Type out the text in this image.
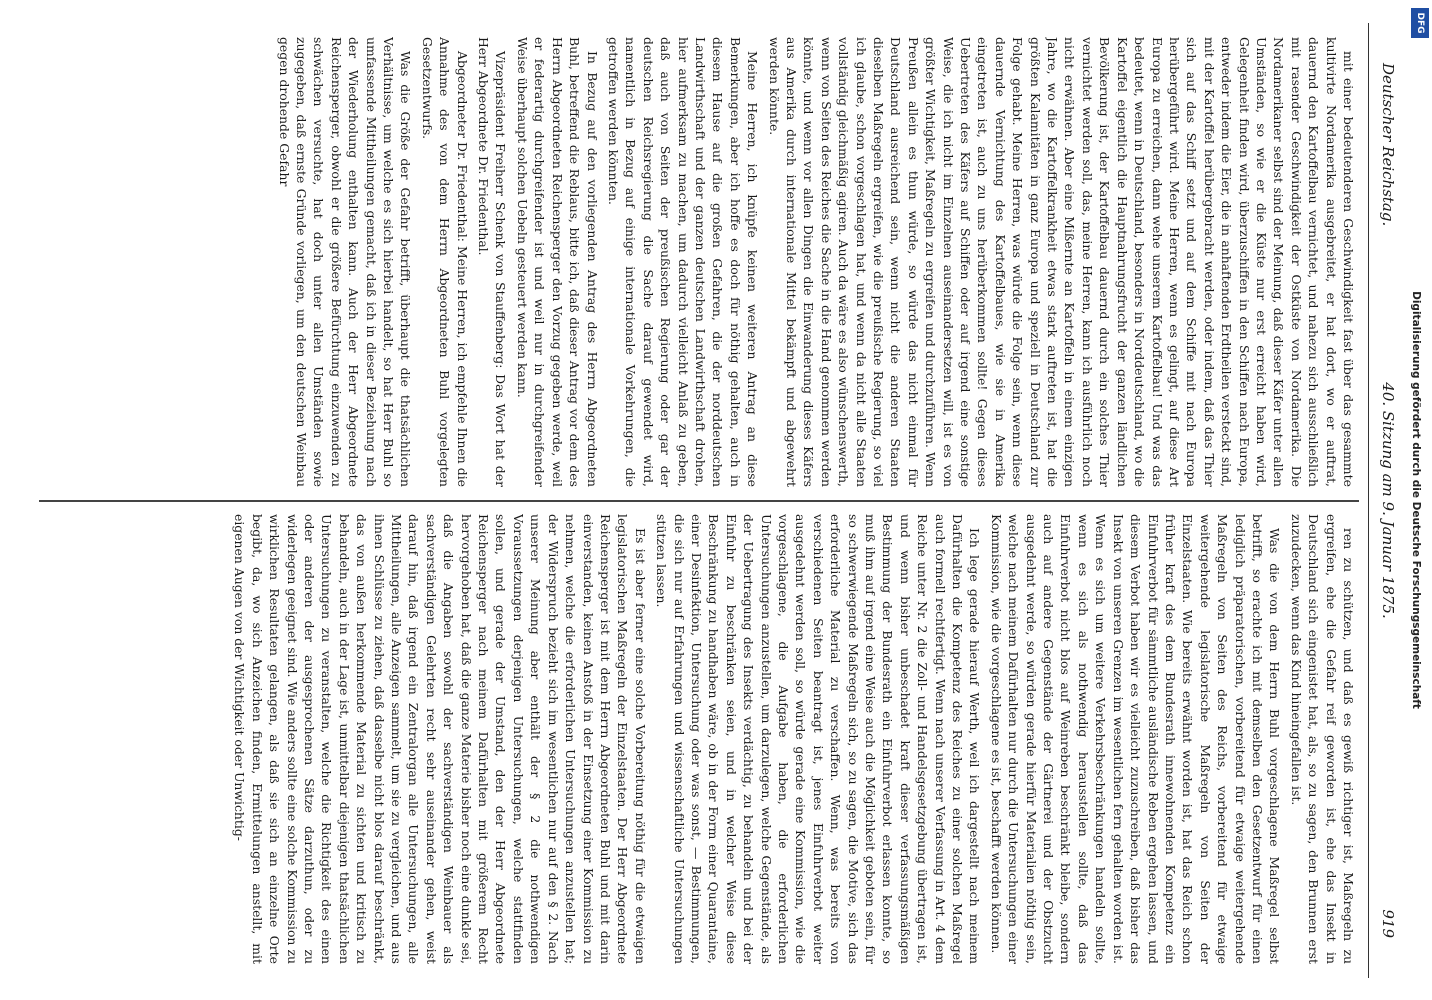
Deutscher Reichstag.
40. Sitzung am 9. Januar 1875.
919

mit einer bedeutenderen Geschwindigkeit fast über das gesammte kultivirte Nordamerika ausgebreitet, er hat dort, wo er auftrat, dauernd den Kartoffelbau vernichtet, und nahezu sich ausschließlich mit rasender Geschwindigkeit der Ostküste von Nordamerika. Die Nordamerikaner selbst sind der Meinung, daß dieser Käfer unter allen Umständen, so wie er die Küste nur erst erreicht haben wird, Gelegenheit finden wird, überzuschiffen in den Schiffen nach Europa, entweder indem die Eier, die in anhaftenden Erdtheilen versteckt sind, mit der Kartoffel herübergebracht werden, oder indem, daß das Thier sich auf das Schiff setzt und auf dem Schiffe mit nach Europa herübergeführt wird. Meine Herren, wenn es gelingt, auf diese Art Europa zu erreichen, dann wehe unserem Kartoffelbau! Und was das bedeutet, wenn in Deutschland, besonders in Norddeutschland, wo die Kartoffel eigentlich die Hauptnahrungsfrucht der ganzen ländlichen Bevölkerung ist, der Kartoffelbau dauernd durch ein solches Thier vernichtet werden soll, das, meine Herren, kann ich ausführlich noch nicht erwähnen. Aber eine Mißernte an Kartoffeln in einem einzigen Jahre, wo die Kartoffelkrankheit etwas stark auftreten ist, hat die größten Kalamitäten in ganz Europa und speziell in Deutschland zur Folge gehabt. Meine Herren, was würde die Folge sein, wenn diese dauernde Vernichtung des Kartoffelbaues, wie sie in Amerika eingetreten ist, auch zu uns herüberkommen sollte! Gegen dieses Uebertreten des Käfers auf Schiffen oder auf irgend eine sonstige Weise, die ich nicht im Einzelnen auseinandersetzen will, ist es von größter Wichtigkeit, Maßregeln zu ergreifen und durchzuführen. Wenn Preußen allein es thun würde, so würde das nicht einmal für Deutschland ausreichend sein, wenn nicht die anderen Staaten dieselben Maßregeln ergreifen, wie die preußische Regierung, so viel ich glaube, schon vorgeschlagen hat, und wenn da nicht alle Staaten vollständig gleichmäßig agiren. Auch da wäre es also wünschenswerth, wenn von Seiten des Reiches die Sache in die Hand genommen werden könnte, und wenn vor allen Dingen die Einwanderung dieses Käfers aus Amerika durch internationale Mittel bekämpft und abgewehrt werden könnte.

Meine Herren, ich knüpfe keinen weiteren Antrag an diese Bemerkungen, aber ich hoffe es doch für nöthig gehalten, auch in diesem Hause auf die großen Gefahren, die der norddeutschen Landwirthschaft und der ganzen deutschen Landwirthschaft drohen, hier aufmerksam zu machen, um dadurch vielleicht Anlaß zu geben, daß auch von Seiten der preußischen Regierung oder gar der deutschen Reichsregierung die Sache darauf gewendet wird, namentlich in Bezug auf einige internationale Vorkehrungen, die getroffen werden könnten.

In Bezug auf den vorliegenden Antrag des Herrn Abgeordneten Buhl, betreffend die Reblaus, bitte ich, daß dieser Antrag vor dem des Herrn Abgeordneten Reichensperger den Vorzug gegeben werde, weil er federartig durchgreifender ist und weil nur in durchgreifender Weise überhaupt solchen Uebeln gesteuert werden kann.

Vizepräsident Freiherr Schenk von Stauffenberg: Das Wort hat der Herr Abgeordnete Dr. Friedenthal.

Abgeordneter Dr. Friedenthal: Meine Herren, ich empfehle Ihnen die Annahme des von dem Herrn Abgeordneten Buhl vorgelegten Gesetzentwurfs.

Was die Größe der Gefahr betrifft, überhaupt die thatsächlichen Verhältnisse, um welche es sich hierbei handelt, so hat Herr Buhl so umfassende Mittheilungen gemacht, daß ich in dieser Beziehung nach der Wiederholung enthalten kann. Auch der Herr Abgeordnete Reichensperger, obwohl er die größere Befürchtung einzuwenden zu schwächen versuchte, hat doch unter allen Umständen sowie zugegeben, daß ernste Gründe vorliegen, um den deutschen Weinbau gegen drohende Gefahr

ren zu schützen, und daß es gewiß richtiger ist, Maßregeln zu ergreifen, ehe die Gefahr reif geworden ist, ehe das Insekt in Deutschland sich eingenistet hat, als, so zu sagen, den Brunnen erst zuzudecken, wenn das Kind hineingefallen ist.

Was die von dem Herrn Buhl vorgeschlagene Maßregel selbst betrifft, so erachte ich mit demselben den Gesetzentwurf für einen lediglich präparatorischen, vorbereitend für etwaige weitergehende Maßregeln von Seiten des Reichs, vorbereitend für etwaige weitergehende legislatorische Maßregeln von Seiten der Einzelstaaten. Wie bereits erwähnt worden ist, hat das Reich schon früher kraft des dem Bundesrath innewohnenden Kompetenz ein Einfuhrverbot für sämmtliche ausländische Reben ergehen lassen, und diesem Verbot haben wir es vielleicht zuzuschreiben, daß bisher das Insekt von unseren Grenzen im wesentlichen fern gehalten worden ist. Wenn es sich um weitere Verkehrsbeschränkungen handeln sollte, wenn es sich als nothwendig herausstellen sollte, daß das Einfuhrverbot nicht blos auf Weinreben beschränkt bleibe, sondern auch auf andere Gegenstände der Gärtnerei und der Obstzucht ausgedehnt werde, so würden gerade hierfür Materialien nöthig sein, welche nach meinem Dafürhalten nur durch die Untersuchungen einer Kommission, wie die vorgeschlagene es ist, beschafft werden können.

Ich lege gerade hierauf Werth, weil ich dargestellt nach meinem Dafürhalten die Kompetenz des Reiches zu einer solchen Maßregel auch formell rechtfertigt. Wenn nach unserer Verfassung in Art. 4 dem Reiche unter Nr. 2 die Zoll- und Handelsgesetzgebung übertragen ist, und wenn bisher unbeschadet kraft dieser verfassungsmäßigen Bestimmung der Bundesrath ein Einfuhrverbot erlassen konnte, so muß ihm auf irgend eine Weise auch die Möglichkeit geboten sein, für so schwerwiegende Maßregeln sich, so zu sagen, die Motive, sich das erforderliche Material zu verschaffen. Wenn, was bereits von verschiedenen Seiten beantragt ist, jenes Einfuhrverbot weiter ausgedehnt werden soll, so würde gerade eine Kommission, wie die vorgeschlagene, die Aufgabe haben, die erforderlichen Untersuchungen anzustellen, um darzulegen, welche Gegenstände, als der Uebertragung des Insekts verdächtig, zu behandeln und bei der Einfuhr zu beschränken seien, und in welcher Weise diese Beschränkung zu handhaben wäre, ob in der Form einer Quarantaine, einer Desinfektion, Untersuchung oder was sonst, — Bestimmungen, die sich nur auf Erfahrungen und wissenschaftliche Untersuchungen stützen lassen.

Es ist aber ferner eine solche Vorbereitung nöthig für die etwaigen legislatorischen Maßregeln der Einzelstaaten. Der Herr Abgeordnete Reichensperger ist mit dem Herrn Abgeordneten Buhl und mit darin einverstanden, keinen Anstoß in der Einsetzung einer Kommission zu nehmen, welche die erforderlichen Untersuchungen anzustellen hat; der Widerspruch bezieht sich im wesentlichen nur auf den § 2. Nach unserer Meinung aber enthält der § 2 die nothwendigen Voraussetzungen derjenigen Untersuchungen, welche stattfinden sollen, und gerade der Umstand, den der Herr Abgeordnete Reichensperger nach meinem Dafürhalten mit größerem Recht hervorgehoben hat, daß die ganze Materie bisher noch eine dunkle sei, daß die Angaben sowohl der sachverständigen Weinbauer als sachverständigen Gelehrten recht sehr auseinander gehen, weist darauf hin, daß irgend ein Zentralorgan alle Untersuchungen, alle Mittheilungen, alle Anzeigen sammelt, um sie zu vergleichen, und aus ihnen Schlüsse zu ziehen, daß dasselbe nicht blos darauf beschränkt, das von außen herkommende Material zu sichten und kritisch zu behandeln, auch in der Lage ist, unmittelbar diejenigen thatsächlichen Untersuchungen zu veranstalten, welche die Richtigkeit des einen oder anderen der ausgesprochenen Sätze darzuthun, oder zu widerlegen geeignet sind. Wie anders sollte eine solche Kommission zu wirklichen Resultaten gelangen, als daß sie sich an einzelne Orte begibt, da, wo sich Anzeichen finden, Ermittelungen anstellt, mit eigenen Augen von der Wichtigkeit oder Unwichtig-	Digitalisierung gefördert durch die Deutsche Forschungsgemeinschaft
DFG
